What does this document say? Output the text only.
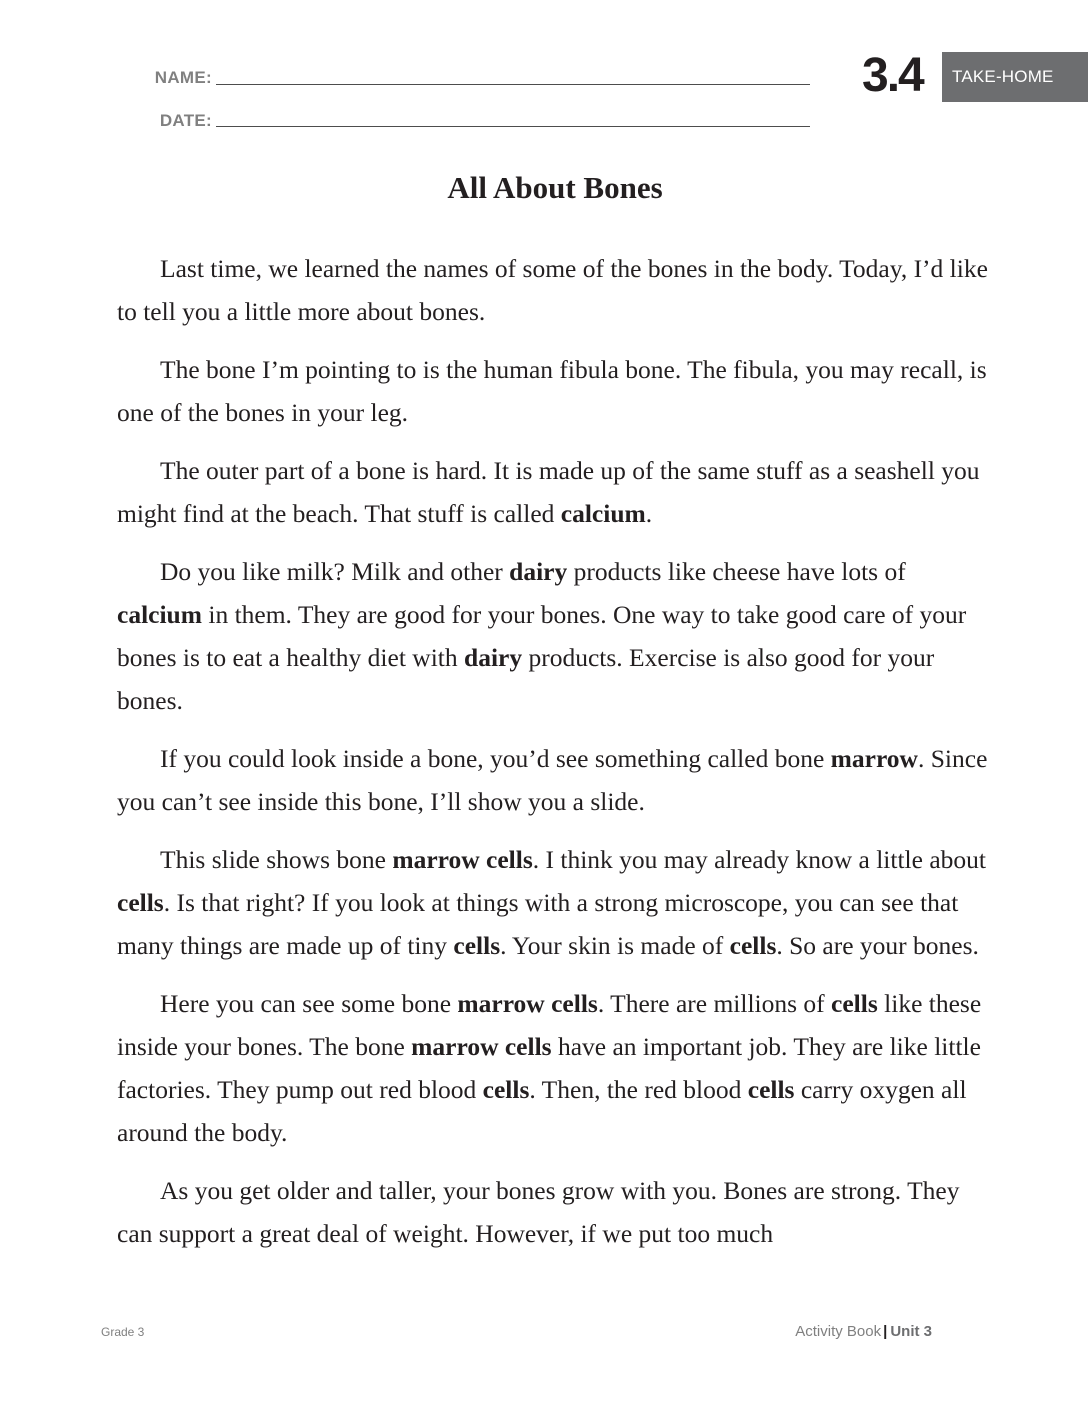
NAME:
DATE:
3.4	TAKE-HOME
All About Bones

Last time, we learned the names of some of the bones in the body. Today, I’d like to tell you a little more about bones.

The bone I’m pointing to is the human fibula bone. The fibula, you may recall, is one of the bones in your leg.

The outer part of a bone is hard. It is made up of the same stuff as a seashell you might find at the beach. That stuff is called calcium.

Do you like milk? Milk and other dairy products like cheese have lots of calcium in them. They are good for your bones. One way to take good care of your bones is to eat a healthy diet with dairy products. Exercise is also good for your bones.

If you could look inside a bone, you’d see something called bone marrow. Since you can’t see inside this bone, I’ll show you a slide.

This slide shows bone marrow cells. I think you may already know a little about cells. Is that right? If you look at things with a strong microscope, you can see that many things are made up of tiny cells. Your skin is made of cells. So are your bones.

Here you can see some bone marrow cells. There are millions of cells like these inside your bones. The bone marrow cells have an important job. They are like little factories. They pump out red blood cells. Then, the red blood cells carry oxygen all around the body.

As you get older and taller, your bones grow with you. Bones are strong. They can support a great deal of weight. However, if we put too much

Grade 3	Activity Book | Unit 3
